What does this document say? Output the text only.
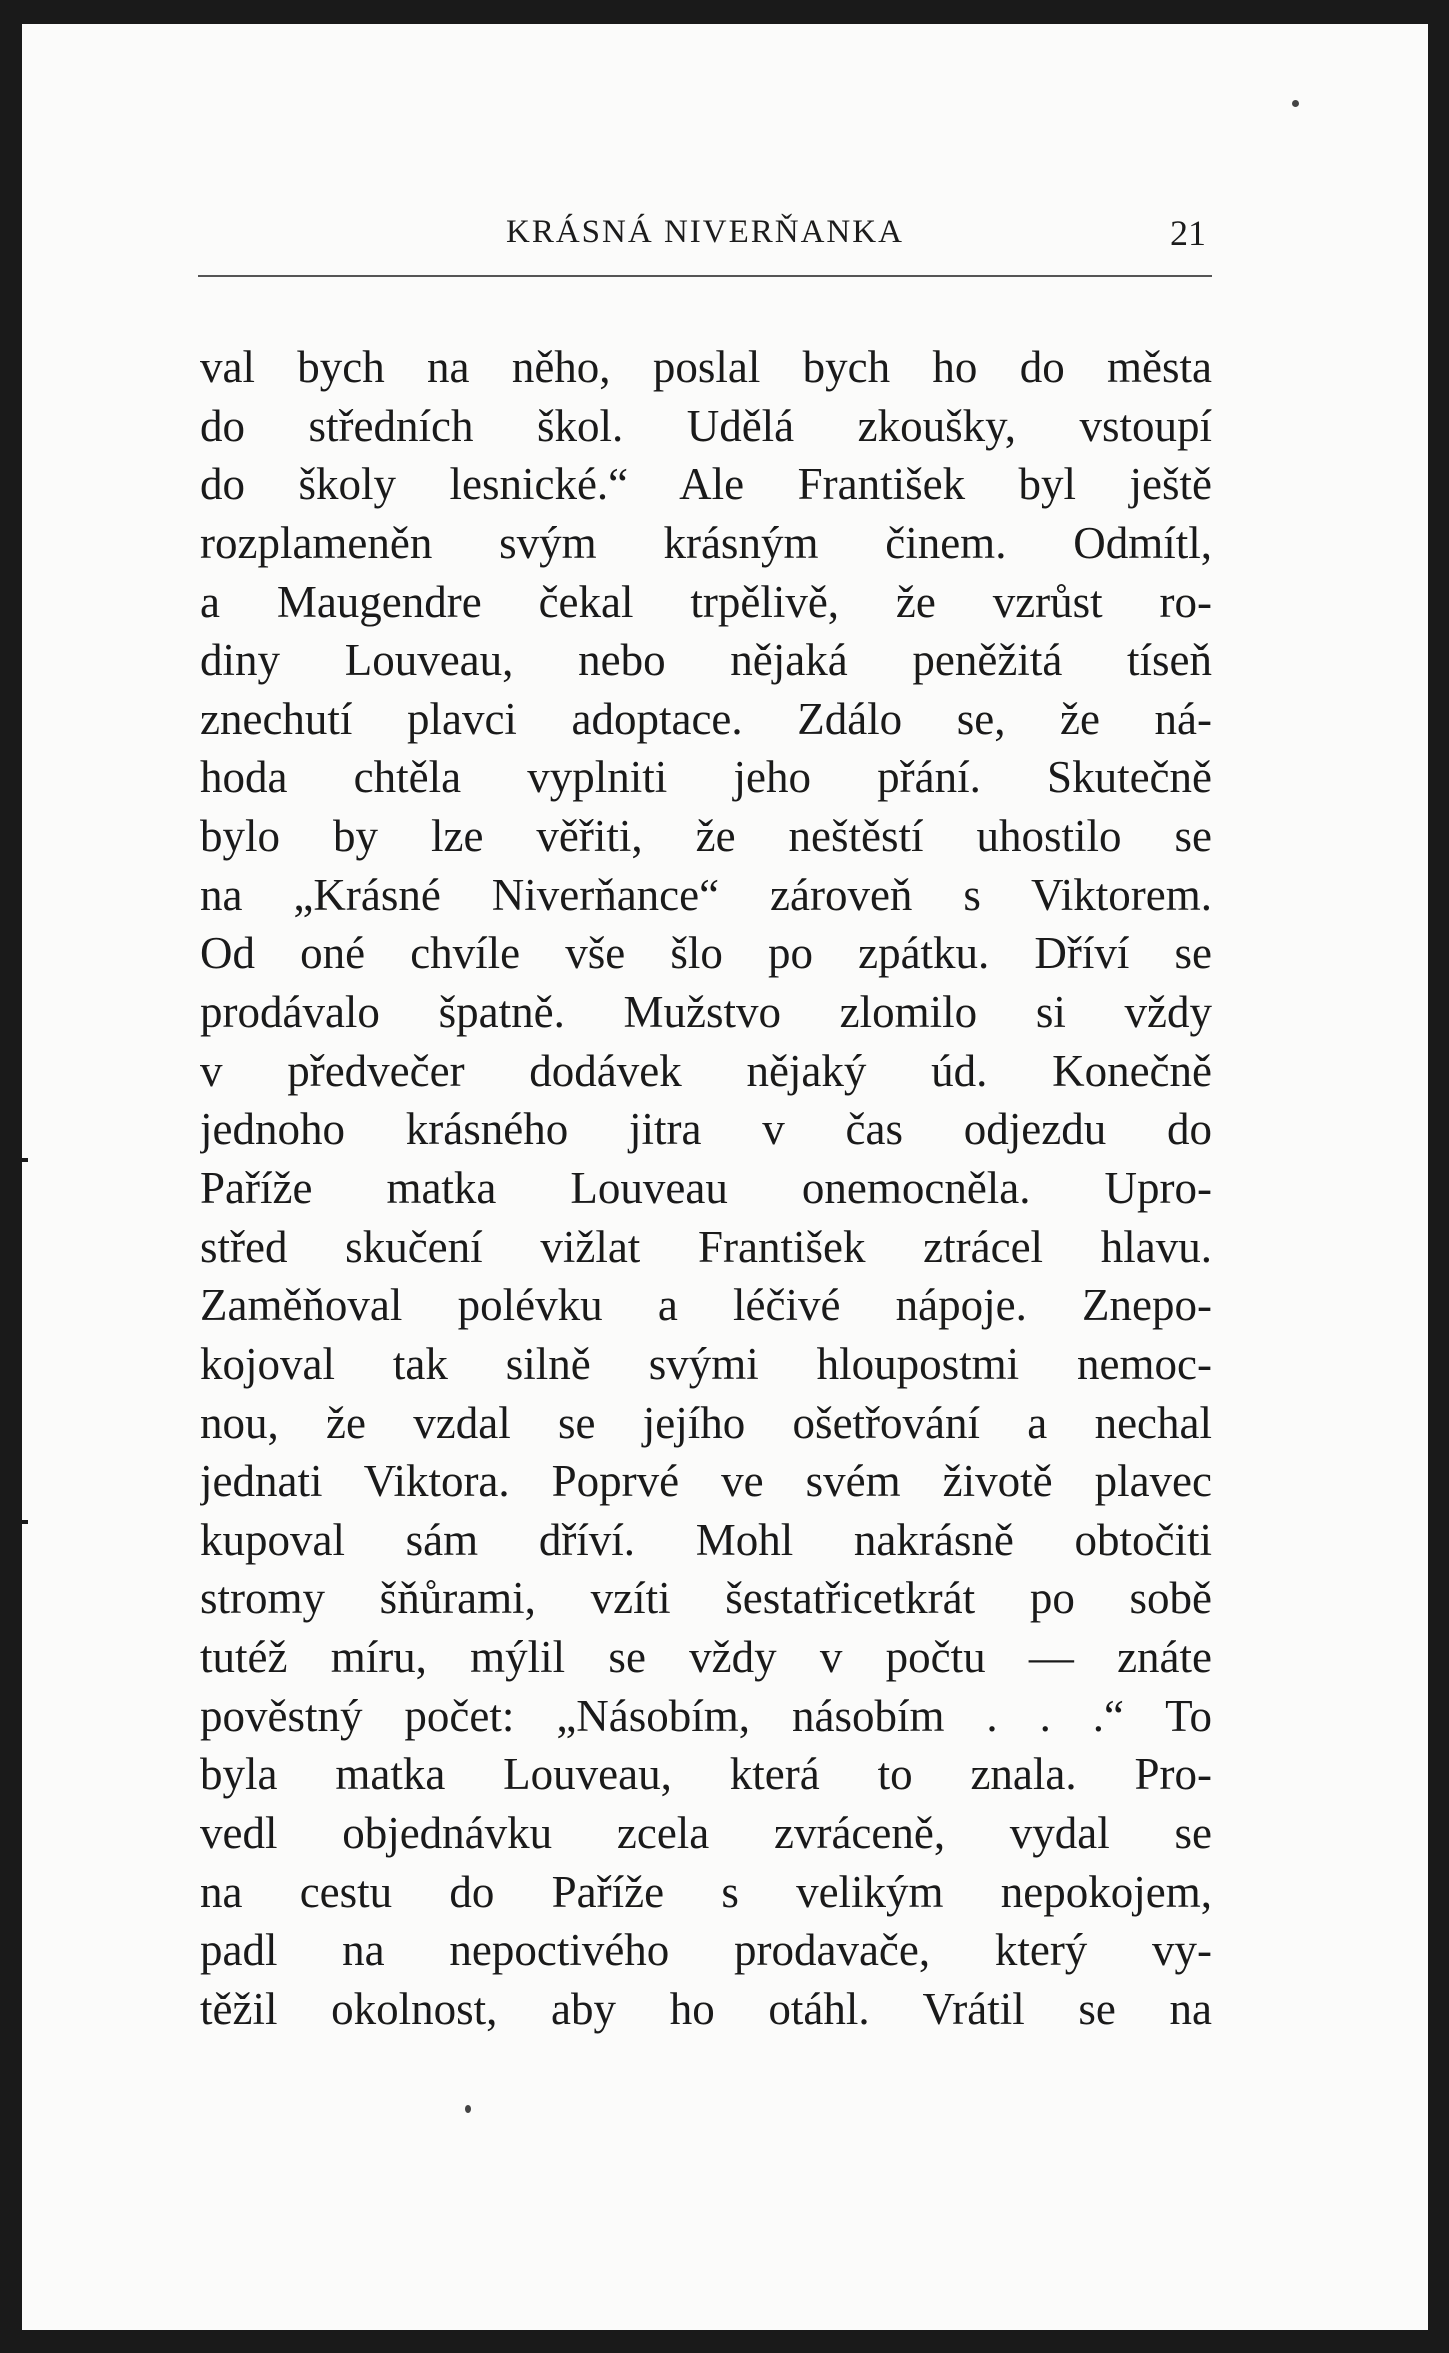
KRÁSNÁ NIVERŇANKA	21
val bych na něho, poslal bych ho do města
do středních škol. Udělá zkoušky, vstoupí
do školy lesnické.“ Ale František byl ještě
rozplameněn svým krásným činem. Odmítl,
a Maugendre čekal trpělivě, že vzrůst ro-
diny Louveau, nebo nějaká peněžitá tíseň
znechutí plavci adoptace. Zdálo se, že ná-
hoda chtěla vyplniti jeho přání. Skutečně
bylo by lze věřiti, že neštěstí uhostilo se
na „Krásné Niverňance“ zároveň s Viktorem.
Od oné chvíle vše šlo po zpátku. Dříví se
prodávalo špatně. Mužstvo zlomilo si vždy
v předvečer dodávek nějaký úd. Konečně
jednoho krásného jitra v čas odjezdu do
Paříže matka Louveau onemocněla. Upro-
střed skučení vižlat František ztrácel hlavu.
Zaměňoval polévku a léčivé nápoje. Znepo-
kojoval tak silně svými hloupostmi nemoc-
nou, že vzdal se jejího ošetřování a nechal
jednati Viktora. Poprvé ve svém životě plavec
kupoval sám dříví. Mohl nakrásně obtočiti
stromy šňůrami, vzíti šestatřicetkrát po sobě
tutéž míru, mýlil se vždy v počtu — znáte
pověstný počet: „Násobím, násobím . . .“ To
byla matka Louveau, která to znala. Pro-
vedl objednávku zcela zvráceně, vydal se
na cestu do Paříže s velikým nepokojem,
padl na nepoctivého prodavače, který vy-
těžil okolnost, aby ho otáhl. Vrátil se na
